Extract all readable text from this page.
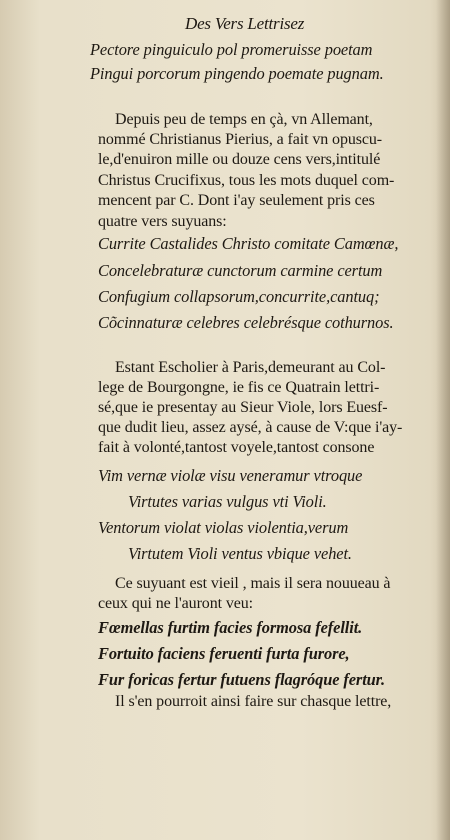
Des Vers Lettrisez
Pectore pinguiculo pol promeruisse poetam
Pingui porcorum pingendo poemate pugnam.
Depuis peu de temps en çà, vn Allemant,
nommé Christianus Pierius, a fait vn opuscu-
le,d'enuiron mille ou douze cens vers,intitulé
Christus Crucifixus, tous les mots duquel com-
mencent par C. Dont i'ay seulement pris ces
quatre vers suyuans:
Currite Castalides Christo comitate Camœnæ,
Concelebraturæ cunctorum carmine certum
Confugium collapsorum,concurrite,cantuq;
Cõcinnaturæ celebres celebrésque cothurnos.
Estant Escholier à Paris,demeurant au Col-
lege de Bourgongne, ie fis ce Quatrain lettri-
sé,que ie presentay au Sieur Viole, lors Euesf-
que dudit lieu, assez aysé, à cause de V:que i'ay-
fait à volonté,tantost voyele,tantost consone
Vim vernæ violæ visu veneramur vtroque
Virtutes varias vulgus vti Violi.
Ventorum violat violas violentia,verum
Virtutem Violi ventus vbique vehet.
Ce suyuant est vieil , mais il sera nouueau à
ceux qui ne l'auront veu:
Fœmellas furtim facies formosa fefellit.
Fortuito faciens feruenti furta furore,
Fur foricas fertur futuens flagróque fertur.
Il s'en pourroit ainsi faire sur chasque lettre,
